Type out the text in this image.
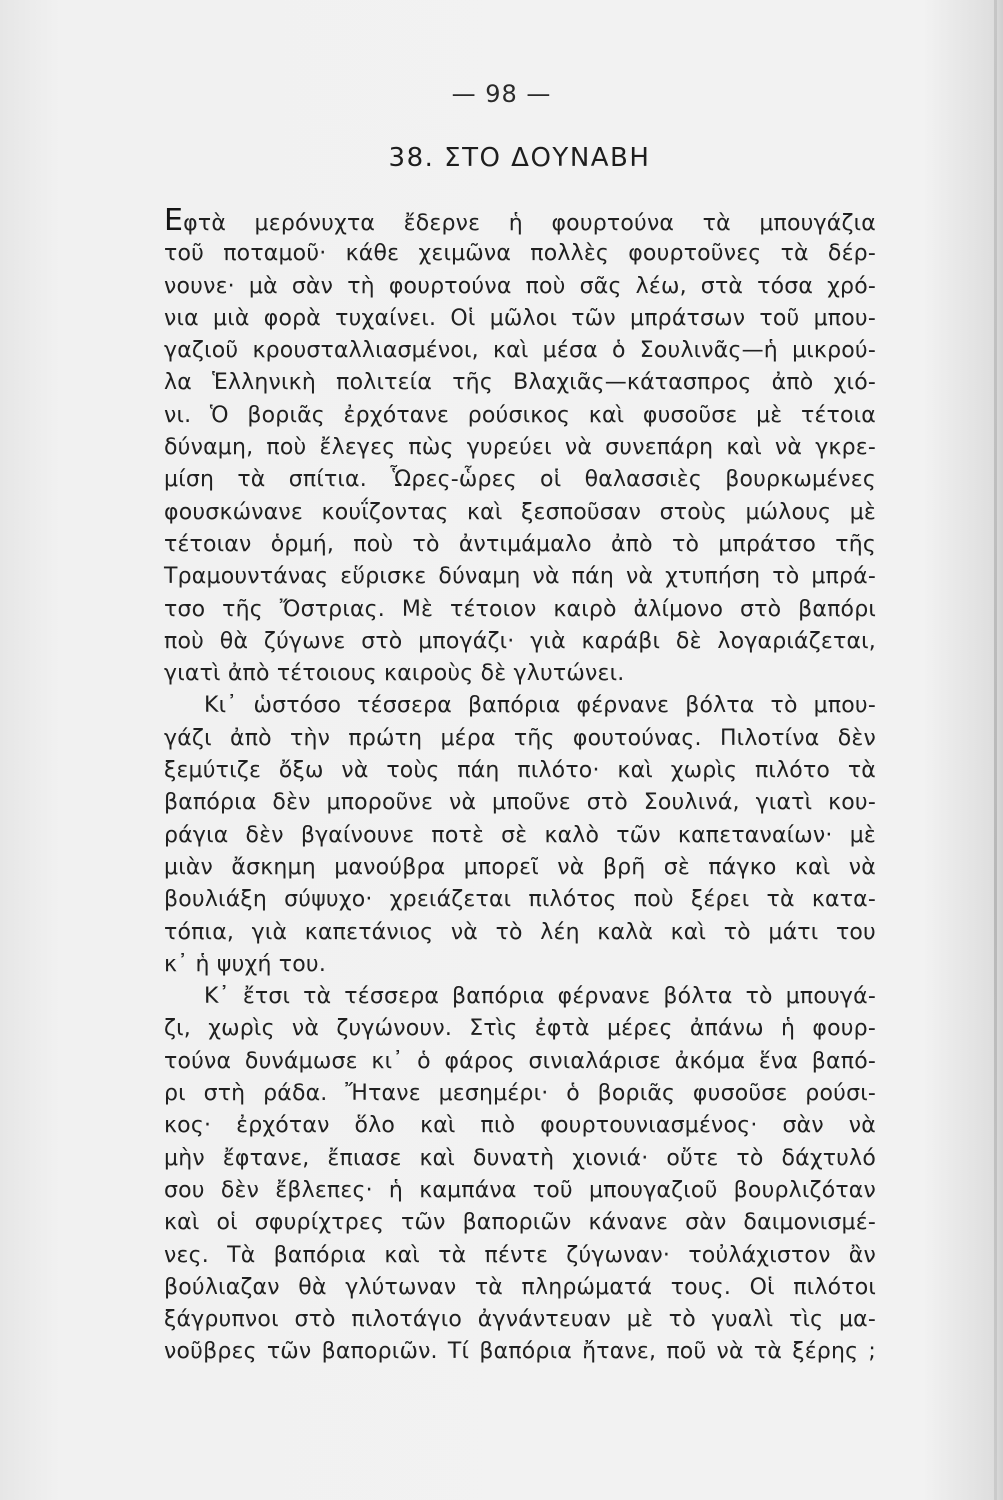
— 98 —
38. ΣΤΟ ΔΟΥΝΑΒΗ
Εφτὰ μερόνυχτα ἔδερνε ἡ φουρτούνα τὰ μπουγάζια
τοῦ ποταμοῦ· κάθε χειμῶνα πολλὲς φουρτοῦνες τὰ δέρ-
νουνε· μὰ σὰν τὴ φουρτούνα ποὺ σᾶς λέω, στὰ τόσα χρό-
νια μιὰ φορὰ τυχαίνει. Οἱ μῶλοι τῶν μπράτσων τοῦ μπου-
γαζιοῦ κρουσταλλιασμένοι, καὶ μέσα ὁ Σουλινᾶς—ἡ μικρού-
λα Ἑλληνικὴ πολιτεία τῆς Βλαχιᾶς—κάτασπρος ἀπὸ χιό-
νι. Ὁ βοριᾶς ἐρχότανε ρούσικος καὶ φυσοῦσε μὲ τέτοια
δύναμη, ποὺ ἔλεγες πὼς γυρεύει νὰ συνεπάρη καὶ νὰ γκρε-
μίση τὰ σπίτια. Ὧρες-ὧρες οἱ θαλασσιὲς βουρκωμένες
φουσκώνανε κουΐζοντας καὶ ξεσποῦσαν στοὺς μώλους μὲ
τέτοιαν ὁρμή, ποὺ τὸ ἀντιμάμαλο ἀπὸ τὸ μπράτσο τῆς
Τραμουντάνας εὕρισκε δύναμη νὰ πάη νὰ χτυπήση τὸ μπρά-
τσο τῆς Ὄστριας. Μὲ τέτοιον καιρὸ ἀλίμονο στὸ βαπόρι
ποὺ θὰ ζύγωνε στὸ μπογάζι· γιὰ καράβι δὲ λογαριάζεται,
γιατὶ ἀπὸ τέτοιους καιροὺς δὲ γλυτώνει.
Κι᾽ ὡστόσο τέσσερα βαπόρια φέρνανε βόλτα τὸ μπου-
γάζι ἀπὸ τὴν πρώτη μέρα τῆς φουτούνας. Πιλοτίνα δὲν
ξεμύτιζε ὄξω νὰ τοὺς πάη πιλότο· καὶ χωρὶς πιλότο τὰ
βαπόρια δὲν μποροῦνε νὰ μποῦνε στὸ Σουλινά, γιατὶ κου-
ράγια δὲν βγαίνουνε ποτὲ σὲ καλὸ τῶν καπεταναίων· μὲ
μιὰν ἄσκημη μανούβρα μπορεῖ νὰ βρῆ σὲ πάγκο καὶ νὰ
βουλιάξη σύψυχο· χρειάζεται πιλότος ποὺ ξέρει τὰ κατα-
τόπια, γιὰ καπετάνιος νὰ τὸ λέη καλὰ καὶ τὸ μάτι του
κ᾽ ἡ ψυχή του.
Κ᾽ ἔτσι τὰ τέσσερα βαπόρια φέρνανε βόλτα τὸ μπουγά-
ζι, χωρὶς νὰ ζυγώνουν. Στὶς ἐφτὰ μέρες ἀπάνω ἡ φουρ-
τούνα δυνάμωσε κι᾽ ὁ φάρος σινιαλάρισε ἀκόμα ἕνα βαπό-
ρι στὴ ράδα. Ἤτανε μεσημέρι· ὁ βοριᾶς φυσοῦσε ρούσι-
κος· ἐρχόταν ὅλο καὶ πιὸ φουρτουνιασμένος· σὰν νὰ
μὴν ἔφτανε, ἔπιασε καὶ δυνατὴ χιονιά· οὔτε τὸ δάχτυλό
σου δὲν ἔβλεπες· ἡ καμπάνα τοῦ μπουγαζιοῦ βουρλιζόταν
καὶ οἱ σφυρίχτρες τῶν βαποριῶν κάνανε σὰν δαιμονισμέ-
νες. Τὰ βαπόρια καὶ τὰ πέντε ζύγωναν· τοὐλάχιστον ἂν
βούλιαζαν θὰ γλύτωναν τὰ πληρώματά τους. Οἱ πιλότοι
ξάγρυπνοι στὸ πιλοτάγιο ἀγνάντευαν μὲ τὸ γυαλὶ τὶς μα-
νοῦβρες τῶν βαποριῶν. Τί βαπόρια ἤτανε, ποῦ νὰ τὰ ξέρης ;
